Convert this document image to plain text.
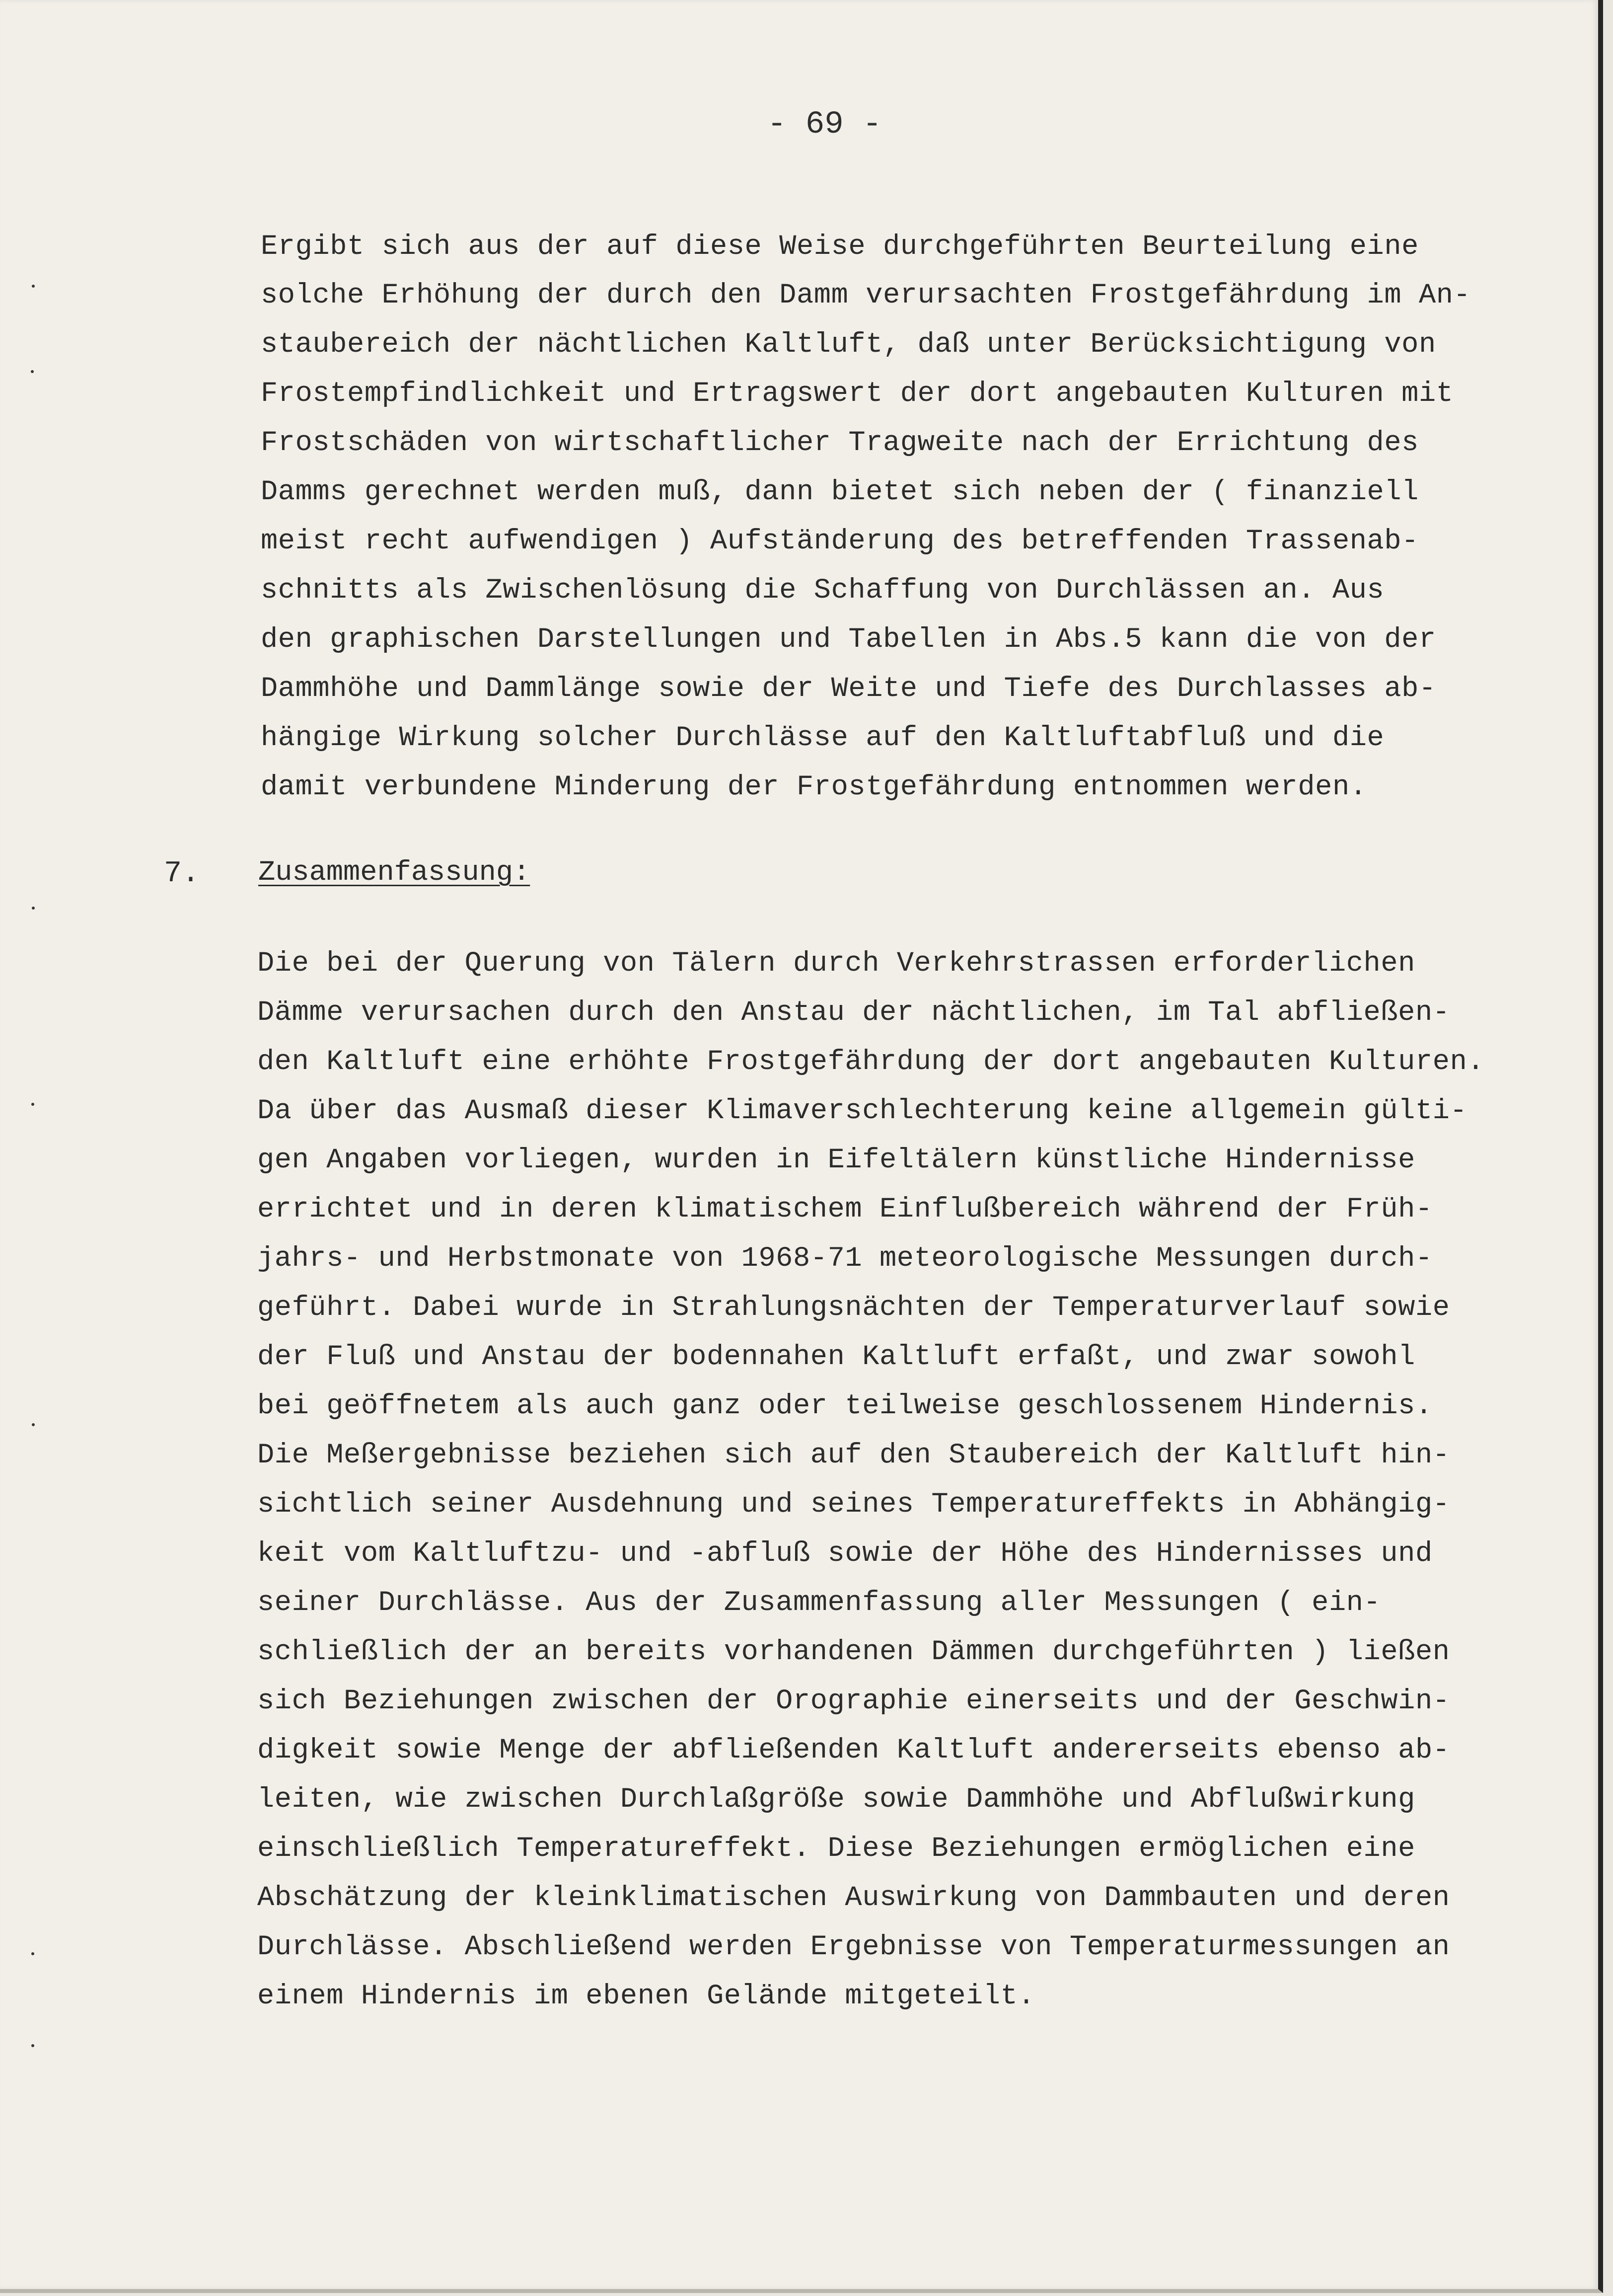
- 69 -
Ergibt sich aus der auf diese Weise durchgeführten Beurteilung eine
solche Erhöhung der durch den Damm verursachten Frostgefährdung im An-
staubereich der nächtlichen Kaltluft, daß unter Berücksichtigung von
Frostempfindlichkeit und Ertragswert der dort angebauten Kulturen mit
Frostschäden von wirtschaftlicher Tragweite nach der Errichtung des
Damms gerechnet werden muß, dann bietet sich neben der ( finanziell
meist recht aufwendigen ) Aufständerung des betreffenden Trassenab-
schnitts als Zwischenlösung die Schaffung von Durchlässen an. Aus
den graphischen Darstellungen und Tabellen in Abs.5 kann die von der
Dammhöhe und Dammlänge sowie der Weite und Tiefe des Durchlasses ab-
hängige Wirkung solcher Durchlässe auf den Kaltluftabfluß und die
damit verbundene Minderung der Frostgefährdung entnommen werden.
7. Zusammenfassung:
Die bei der Querung von Tälern durch Verkehrstrassen erforderlichen
Dämme verursachen durch den Anstau der nächtlichen, im Tal abfließen-
den Kaltluft eine erhöhte Frostgefährdung der dort angebauten Kulturen.
Da über das Ausmaß dieser Klimaverschlechterung keine allgemein gülti-
gen Angaben vorliegen, wurden in Eifeltälern künstliche Hindernisse
errichtet und in deren klimatischem Einflußbereich während der Früh-
jahrs- und Herbstmonate von 1968-71 meteorologische Messungen durch-
geführt. Dabei wurde in Strahlungsnächten der Temperaturverlauf sowie
der Fluß und Anstau der bodennahen Kaltluft erfaßt, und zwar sowohl
bei geöffnetem als auch ganz oder teilweise geschlossenem Hindernis.
Die Meßergebnisse beziehen sich auf den Staubereich der Kaltluft hin-
sichtlich seiner Ausdehnung und seines Temperatureffekts in Abhängig-
keit vom Kaltluftzu- und -abfluß sowie der Höhe des Hindernisses und
seiner Durchlässe. Aus der Zusammenfassung aller Messungen ( ein-
schließlich der an bereits vorhandenen Dämmen durchgeführten ) ließen
sich Beziehungen zwischen der Orographie einerseits und der Geschwin-
digkeit sowie Menge der abfließenden Kaltluft andererseits ebenso ab-
leiten, wie zwischen Durchlaßgröße sowie Dammhöhe und Abflußwirkung
einschließlich Temperatureffekt. Diese Beziehungen ermöglichen eine
Abschätzung der kleinklimatischen Auswirkung von Dammbauten und deren
Durchlässe. Abschließend werden Ergebnisse von Temperaturmessungen an
einem Hindernis im ebenen Gelände mitgeteilt.
